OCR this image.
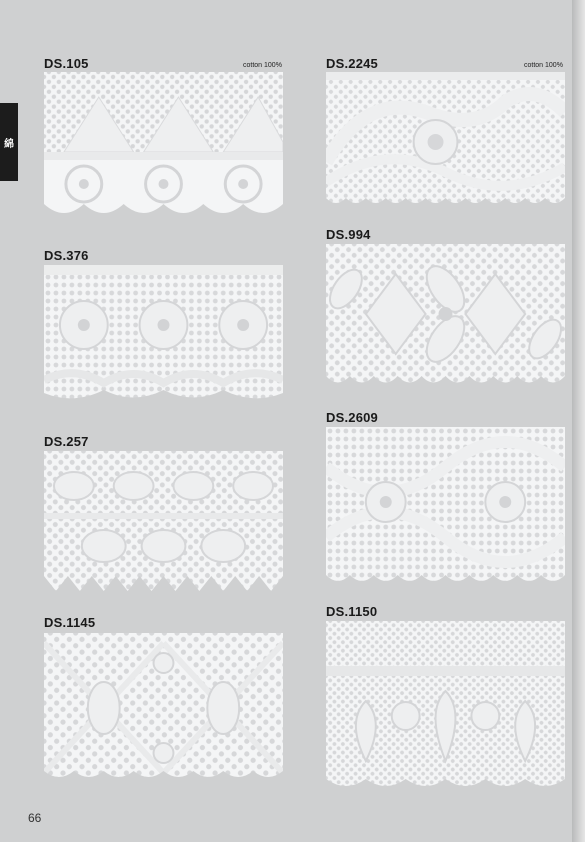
綿
DS.105	cotton 100%
DS.376
DS.257
DS.1145
DS.2245	cotton 100%
DS.994
DS.2609
DS.1150
66
